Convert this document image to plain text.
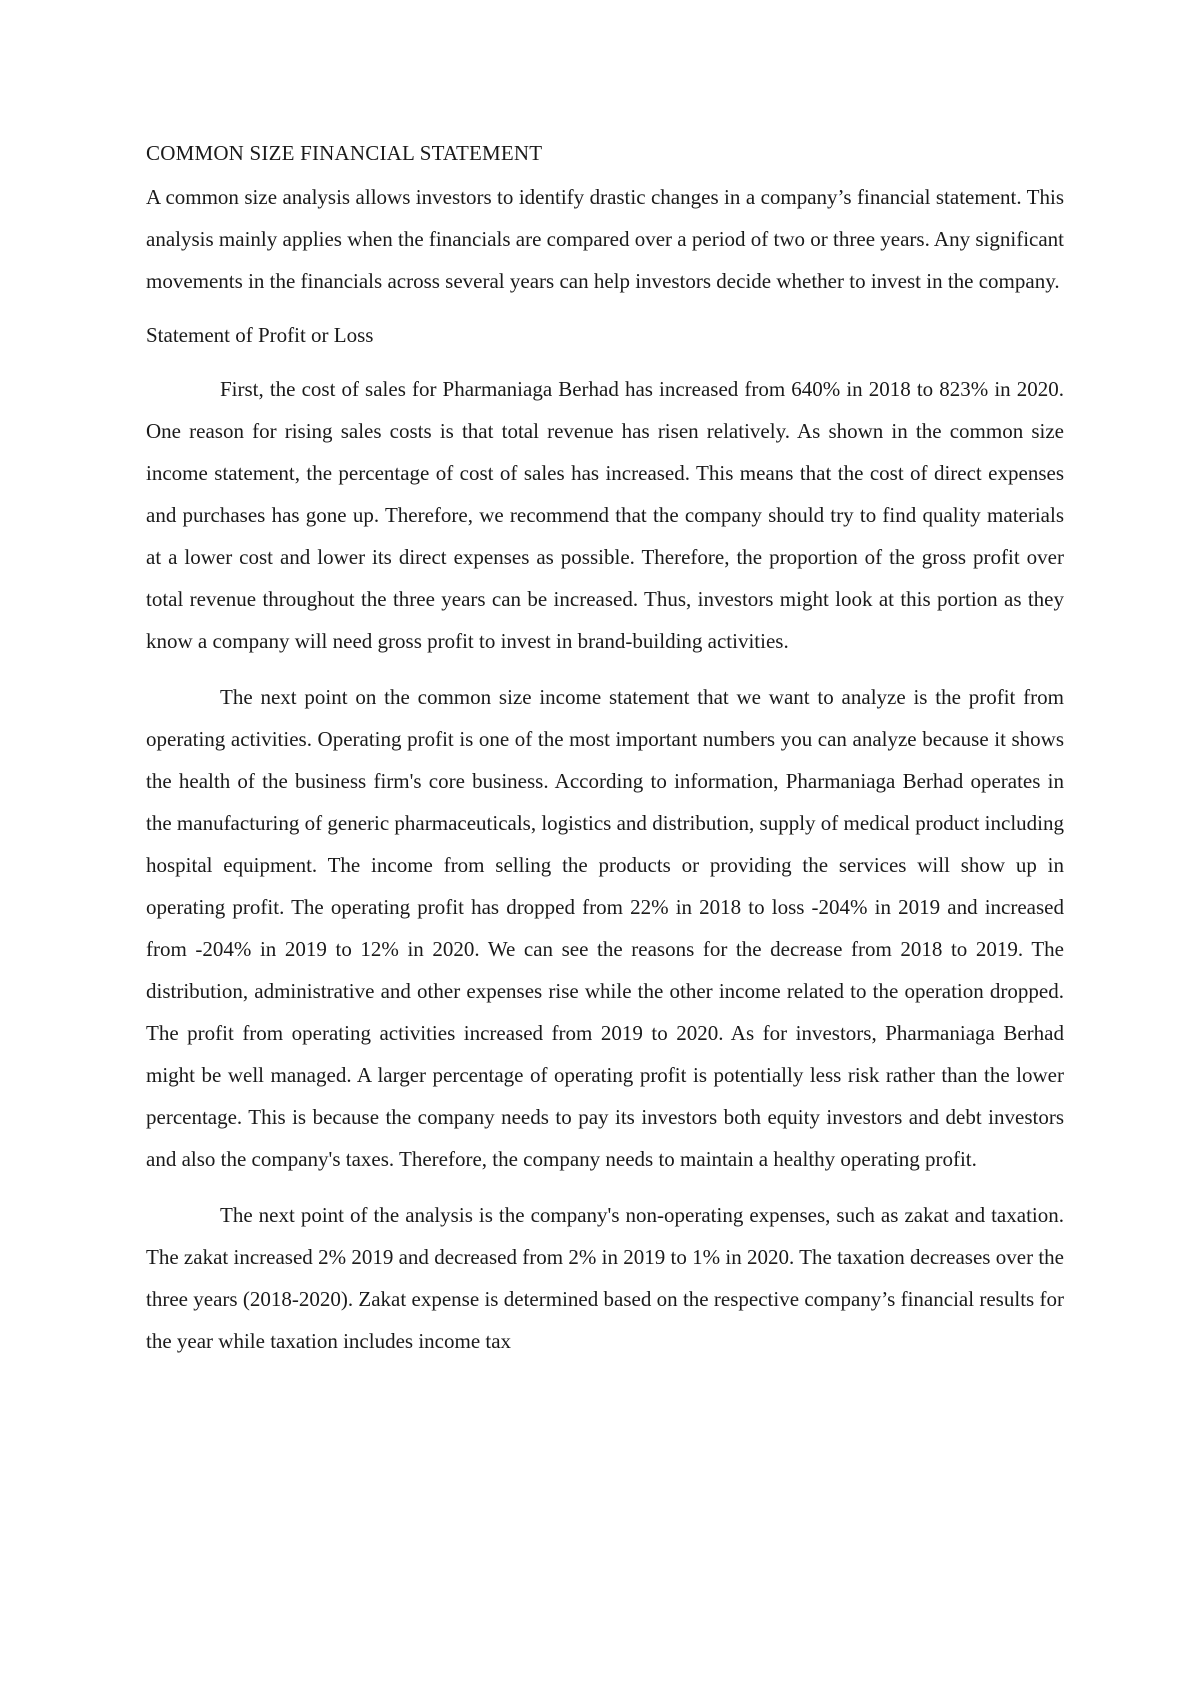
COMMON SIZE FINANCIAL STATEMENT

A common size analysis allows investors to identify drastic changes in a company’s financial statement. This analysis mainly applies when the financials are compared over a period of two or three years. Any significant movements in the financials across several years can help investors decide whether to invest in the company.

Statement of Profit or Loss

First, the cost of sales for Pharmaniaga Berhad has increased from 640% in 2018 to 823% in 2020. One reason for rising sales costs is that total revenue has risen relatively. As shown in the common size income statement, the percentage of cost of sales has increased. This means that the cost of direct expenses and purchases has gone up. Therefore, we recommend that the company should try to find quality materials at a lower cost and lower its direct expenses as possible. Therefore, the proportion of the gross profit over total revenue throughout the three years can be increased. Thus, investors might look at this portion as they know a company will need gross profit to invest in brand-building activities.

The next point on the common size income statement that we want to analyze is the profit from operating activities. Operating profit is one of the most important numbers you can analyze because it shows the health of the business firm's core business. According to information, Pharmaniaga Berhad operates in the manufacturing of generic pharmaceuticals, logistics and distribution, supply of medical product including hospital equipment. The income from selling the products or providing the services will show up in operating profit. The operating profit has dropped from 22% in 2018 to loss -204% in 2019 and increased from -204% in 2019 to 12% in 2020. We can see the reasons for the decrease from 2018 to 2019. The distribution, administrative and other expenses rise while the other income related to the operation dropped. The profit from operating activities increased from 2019 to 2020. As for investors, Pharmaniaga Berhad might be well managed. A larger percentage of operating profit is potentially less risk rather than the lower percentage. This is because the company needs to pay its investors both equity investors and debt investors and also the company's taxes. Therefore, the company needs to maintain a healthy operating profit.

The next point of the analysis is the company's non-operating expenses, such as zakat and taxation. The zakat increased 2% 2019 and decreased from 2% in 2019 to 1% in 2020. The taxation decreases over the three years (2018-2020). Zakat expense is determined based on the respective company’s financial results for the year while taxation includes income tax
